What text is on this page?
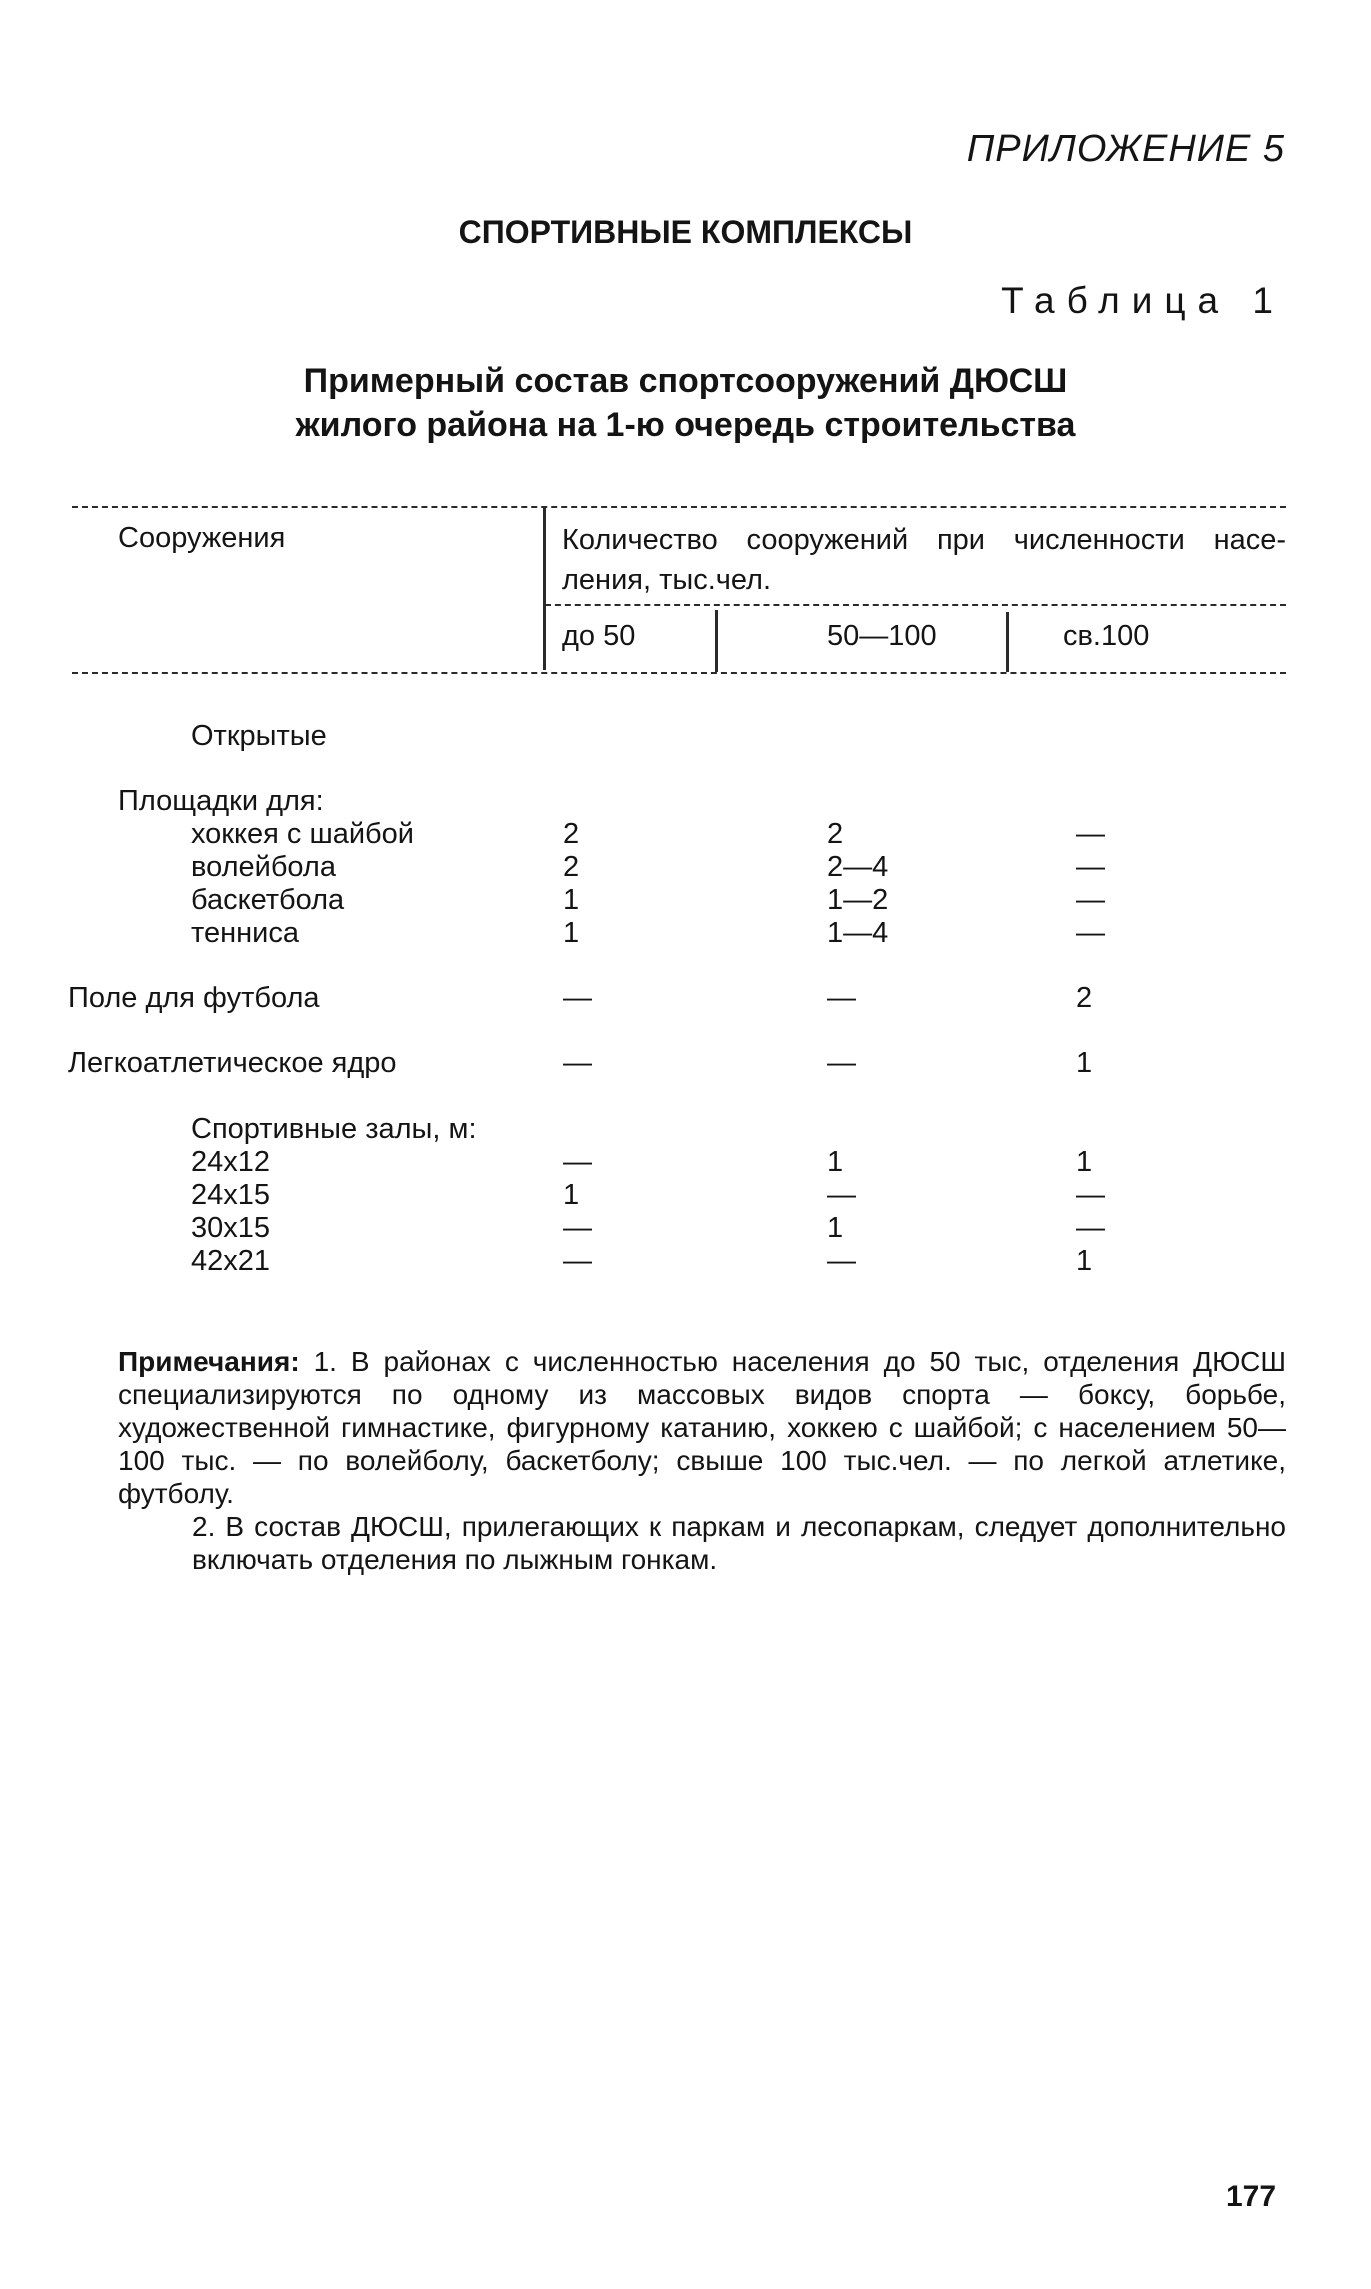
ПРИЛОЖЕНИЕ 5
СПОРТИВНЫЕ КОМПЛЕКСЫ
Таблица 1
Примерный состав спортсооружений ДЮСШ
жилого района на 1-ю очередь строительства
Сооружения	Количество сооружений при численности насе- ления, тыс.чел.
до 50	50—100	св.100
Открытые
Площадки для:
хоккея с шайбой	2	2	—
волейбола	2	2—4	—
баскетбола	1	1—2	—
тенниса	1	1—4	—
Поле для футбола	—	—	2
Легкоатлетическое ядро	—	—	1
Спортивные залы, м:
24х12	—	1	1
24х15	1	—	—
30х15	—	1	—
42х21	—	—	1

Примечания: 1. В районах с численностью населения до 50 тыс, отделения ДЮСШ специализируются по одному из массовых видов спорта — боксу, борьбе, художественной гимнастике, фигурному катанию, хоккею с шайбой; с населением 50—100 тыс. — по волейболу, баскетболу; свыше 100 тыс.чел. — по легкой атлетике, футболу.

2. В состав ДЮСШ, прилегающих к паркам и лесопаркам, следует дополнительно включать отделения по лыжным гонкам.

177
